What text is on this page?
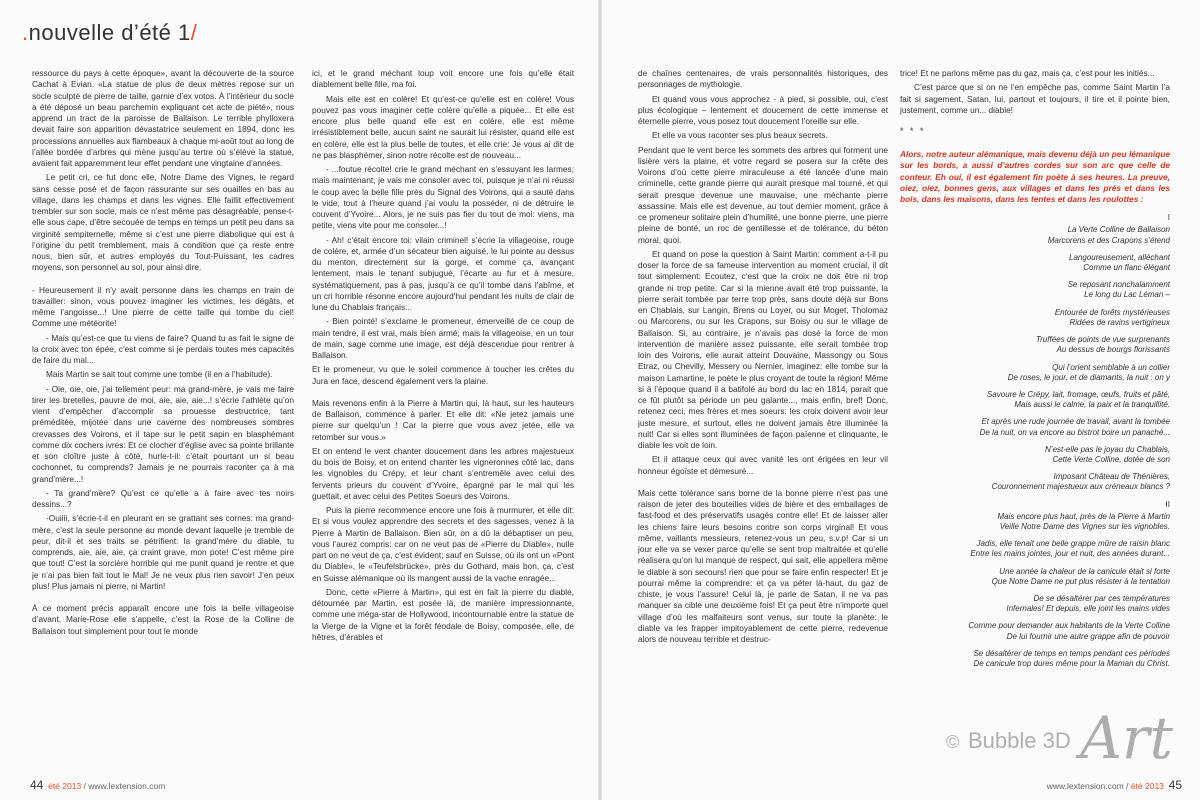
.nouvelle d’été 1/

ressource du pays à cette époque», avant la découverte de la source Cachat à Evian. «La statue de plus de deux mètres repose sur un socle sculpté de pierre de taille, garnie d’ex votos. À l’intérieur du socle a été déposé un beau parchemin expliquant cet acte de piété», nous apprend un tract de la paroisse de Ballaison. Le terrible phylloxera devait faire son apparition dévastatrice seulement en 1894, donc les processions annuelles aux flambeaux à chaque mi-août tout au long de l’allée bordée d’arbres qui mène jusqu’au tertre où s’élève la statue, avaient fait apparemment leur effet pendant une vingtaine d’années.

Le petit cri, ce fut donc elle, Notre Dame des Vignes, le regard sans cesse posé et de façon rassurante sur ses ouailles en bas au village, dans les champs et dans les vignes. Elle faillit effectivement trembler sur son socle, mais ce n’est même pas désagréable, pense-t-elle sous cape, d’être secouée de temps en temps un petit peu dans sa virginité sempiternelle, même si c’est une pierre diabolique qui est à l’origine du petit tremblement, mais à condition que ça reste entre nous, bien sûr, et autres employés du Tout-Puissant, les cadres moyens, son personnel au sol, pour ainsi dire.

- Heureusement il n’y avait personne dans les champs en train de travailler: sinon, vous pouvez imaginer les victimes, les dégâts, et même l’angoisse...! Une pierre de cette taille qui tombe du ciel! Comme une météorite!

- Mais qu’est-ce que tu viens de faire? Quand tu as fait le signe de la croix avec ton épée, c’est comme si je perdais toutes mes capacités de faire du mal...

Mais Martin se sait tout comme une tombe (il en a l’habitude).

- Oie, oie, oie, j’ai tellement peur: ma grand-mère, je vais me faire tirer les bretelles, pauvre de moi, aie, aie, aie...! s’écrie l’athlète qu’on vient d’empêcher d’accomplir sa prouesse destructrice, tant préméditée, mijotée dans une caverne des nombreuses sombres crevasses des Voirons, et il tape sur le petit sapin en blasphémant comme dix cochers ivres: Et ce clocher d’église avec sa pointe brillante et son cloître juste à côté, hurle-t-il: c’était pourtant un si beau cochonnet, tu comprends? Jamais je ne pourrais raconter ça à ma grand’mère...!

- Ta grand’mère? Qu’est ce qu’elle a à faire avec tes noirs dessins...?

-Ouiiii, s’écrie-t-il en pleurant en se grattant ses cornes: ma grand-mère, c’est la seule personne au monde devant laquelle je tremble de peur, dit-il et ses traits se pétrifient: la grand’mère du diable, tu comprends, aie, aie, aie, ça craint grave, mon pote! C’est même pire que tout! C’est la sorcière horrible qui me punit quand je rentre et que je n’ai pas bien fait tout le Mal! Je ne veux plus rien savoir! J’en peux plus! Plus jamais ni pierre, ni Martin!

À ce moment précis apparaît encore une fois la belle villageoise d’avant, Marie-Rose elle s’appelle, c’est la Rose de la Colline de Ballaison tout simplement pour tout le monde

ici, et le grand méchant loup voit encore une fois qu’elle était diablement belle fille, ma foi.

Mais elle est en colère! Et qu’est-ce qu’elle est en colère! Vous pouvez pas vous imaginer cette colère qu’elle a piquée... Et elle est encore plus belle quand elle est en colère, elle est même irrésistiblement belle, aucun saint ne saurait lui résister, quand elle est en colère, elle est la plus belle de toutes, et elle crie: Je vous ai dit de ne pas blasphémer, sinon notre récolte est de nouveau...

- ...foutue récolte! crie le grand méchant en s’essuyant les larmes; mais maintenant, je vais me consoler avec toi, puisque je n’ai ni réussi le coup avec la belle fille près du Signal des Voirons, qui a sauté dans le vide, tout à l’heure quand j’ai voulu la posséder, ni de détruire le couvent d’Yvoire... Alors, je ne suis pas fier du tout de moi: viens, ma petite, viens vite pour me consoler...!

- Ah! c’était encore toi: vilain criminel! s’écrie la villageoise, rouge de colère, et, armée d’un sécateur bien aiguisé, le lui pointe au dessus du menton, directement sur la gorge, et comme ça, avançant lentement, mais le tenant subjugué, l’écarte au fur et à mesure, systématiquement, pas à pas, jusqu’à ce qu’il tombe dans l’abîme, et un cri horrible résonne encore aujourd’hui pendant les nuits de clair de lune du Chablais français...

- Bien pointé! s’exclame le promeneur, émerveillé de ce coup de main tendre, il est vrai, mais bien armé; mais la villageoise, en un tour de main, sage comme une image, est déjà descendue pour rentrer à Ballaison.

Et le promeneur, vu que le soleil commence à toucher les crêtes du Jura en face, descend également vers la plaine.

Mais revenons enfin à la Pierre à Martin qui, là haut, sur les hauteurs de Ballaison, commence à parler. Et elle dit: «Ne jetez jamais une pierre sur quelqu’un ! Car la pierre que vous avez jetée, elle va retomber sur vous.»

Et on entend le vent chanter doucement dans les arbres majestueux du bois de Boisy, et on entend chanter les vigneronnes côté lac, dans les vignobles du Crépy, et leur chant s’entremêle avec celui des fervents prieurs du couvent d’Yvoire, épargné par le mal qui les guettait, et avec celui des Petites Soeurs des Voirons.

Puis la pierre recommence encore une fois à murmurer, et elle dit: Et si vous voulez apprendre des secrets et des sagesses, venez à la Pierre à Martin de Ballaison. Bien sûr, on a dû la débaptiser un peu, vous l’aurez compris: car on ne veut pas de «Pierre du Diable», nulle part on ne veut de ça, c’est évident; sauf en Suisse, où ils ont un «Pont du Diable», le «Teufelsbrücke», près du Gothard, mais bon, ça, c’est en Suisse alémanique où ils mangent aussi de la vache enragée...

Donc, cette «Pierre à Martin», qui est en fait la pierre du diable, détournée par Martin, est posée là, de manière impressionnante, comme une méga-star de Hollywood, incontournable entre la statue de la Vierge de la Vigne et la forêt féodale de Boisy, composée, elle, de hêtres, d’érables et

de chaînes centenaires, de vrais personnalités historiques, des personnages de mythologie.

Et quand vous vous approchez - à pied, si possible, oui, c’est plus écologique – lentement et doucement de cette immense et éternelle pierre, vous posez tout doucement l’oreille sur elle.

Et elle va vous raconter ses plus beaux secrets.

Pendant que le vent berce les sommets des arbres qui forment une lisière vers la plaine, et votre regard se posera sur la crête des Voirons d’où cette pierre miraculeuse a été lancée d’une main criminelle, cette grande pierre qui aurait presque mal tourné, et qui serait presque devenue une mauvaise, une méchante pierre assassine. Mais elle est devenue, au tout dernier moment, grâce à ce promeneur solitaire plein d’humilité, une bonne pierre, une pierre pleine de bonté, un roc de gentillesse et de tolérance, du béton moral, quoi.

Et quand on pose la question à Saint Martin: comment a-t-il pu doser la force de sa fameuse intervention au moment crucial, il dit tout simplement: Ecoutez, c’est que la croix ne doit être ni trop grande ni trop petite. Car si la mienne avait été trop puissante, la pierre serait tombée par terre trop près, sans doute déjà sur Bons en Chablais, sur Langin, Brens ou Loyer, ou sur Moget, Tholomaz ou Marcorens, ou sur les Crapons, sur Boisy ou sur le village de Ballaison. Si, au contraire, je n’avais pas dosé la force de mon intervention de manière assez puissante, elle serait tombée trop loin des Voirons, elle aurait atteint Douvaine, Massongy ou Sous Etraz, ou Chevilly, Messery ou Nernier, imaginez: elle tombe sur la maison Lamartine, le poète le plus croyant de toute la région! Même si à l’époque quand il a batifolé au bord du lac en 1814, parait que ce fût plutôt sa période un peu galante..., mais enfin, bref! Donc, retenez ceci, mes frères et mes soeurs: les croix doivent avoir leur juste mesure, et surtout, elles ne doivent jamais être illuminée la nuit! Car si elles sont illuminées de façon païenne et clinquante, le diable les voit de loin.

Et il attaque ceux qui avec vanité les ont érigées en leur vil honneur égoïste et démesuré...

Mais cette tolérance sans borne de la bonne pierre n’est pas une raison de jeter des bouteilles vides de bière et des emballages de fast-food et des préservatifs usagés contre elle! Et de laisser aller les chiens faire leurs besoins contre son corps virginal! Et vous même, vaillants messieurs, retenez-vous un peu, s.v.p! Car si un jour elle va se vexer parce qu’elle se sent trop maltraitée et qu’elle réalisera qu’on lui manque de respect, qui sait, elle appellera même le diable à son secours! rien que pour se faire enfin respecter! Et je pourrai même la comprendre: et ça va péter là-haut, du gaz de chiste, je vous l’assure! Celui là, je parle de Satan, il ne va pas manquer sa cible une deuxième fois! Et ça peut être n’importe quel village d’où les malfaiteurs sont venus, sur toute la planète: le diable va les frapper impitoyablement de cette pierre, redevenue alors de nouveau terrible et destruc-

trice! Et ne parlons même pas du gaz, mais ça, c’est pour les initiés...

C’est parce que si on ne l’en empêche pas, comme Saint Martin l’a fait si sagement, Satan, lui, partout et toujours, il tire et il pointe bien, justement, comme un... diable!

* * *
Alors, notre auteur alémanique, mais devenu déjà un peu lémanique sur les bords, a aussi d’autres cordes sur son arc que celle de conteur. Eh oui, il est également fin poète à ses heures. La preuve, oiez, oiez, bonnes gens, aux villages et dans les prés et dans les bois, dans les maisons, dans les tentes et dans les roulottes :
I
La Verte Colline de Ballaison
Marcorens et des Crapons s’étend
Langoureusement, alléchant
Comme un flanc élégant
Se reposant nonchalamment
Le long du Lac Léman –
Entourée de forêts mystérieuses
Ridées de ravins vertigineux
Truffées de points de vue surprenants
Au dessus de bourgs florissants
Qui l’orient semblable à un collier
De roses, le jour, et de diamants, la nuit : on y
Savoure le Crépy, lait, fromage, œufs, fruits et pâté,
Mais aussi le calme, la paix et la tranquillité.
Et après une rude journée de travail, avant la tombée
De la nuit, on va encore au bistrot boire un panaché...
N’est-elle pas le joyau du Chablais,
Cette Verte Colline, dotée de son
Imposant Château de Thénières,
Couronnement majestueux aux créneaux blancs ?
II
Mais encore plus haut, près de la Pierre à Martin
Veille Notre Dame des Vignes sur les vignobles.
Jadis, elle tenait une belle grappe mûre de raisin blanc
Entre les mains jointes, jour et nuit, des années durant...
Une année la chaleur de la canicule était si forte
Que Notre Dame ne put plus résister à la tentation
De se désaltérer par ces températures
Infernales! Et depuis, elle joint les mains vides
Comme pour demander aux habitants de la Verte Colline
De lui fournir une autre grappe afin de pouvoir
Se désaltérer de temps en temps pendant ces périodes
De canicule trop dures même pour la Maman du Christ.
44 été 2013 / www.lextension.com	www.lextension.com / été 2013 45
© Bubble 3D Art
